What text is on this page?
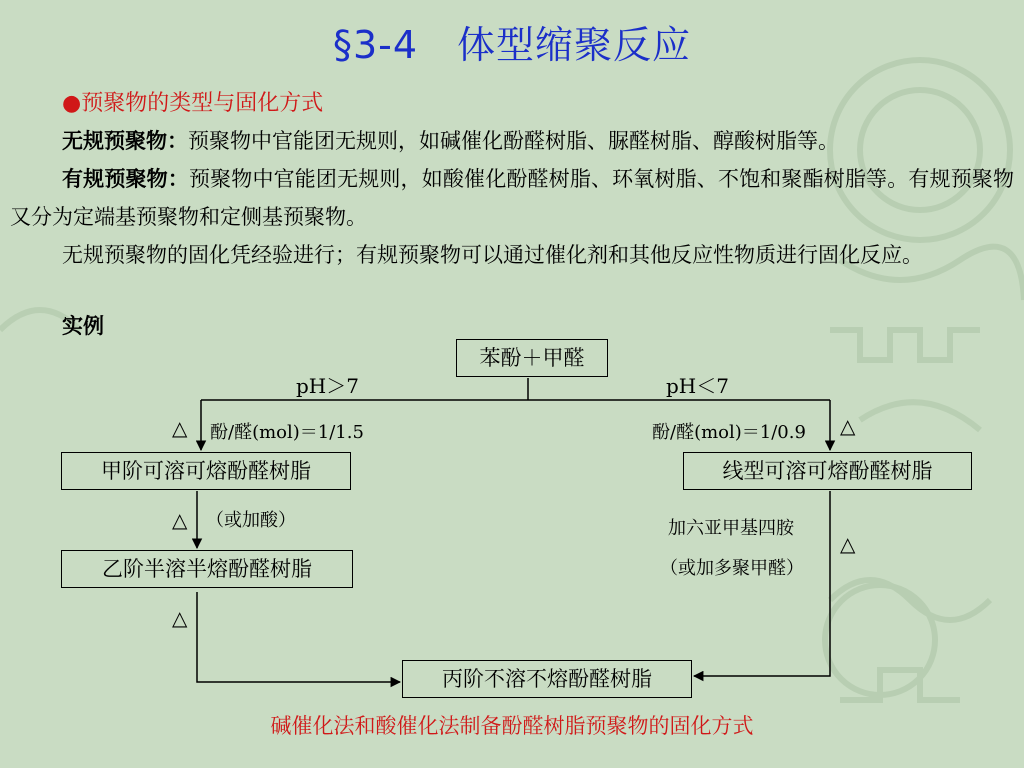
§3-4　体型缩聚反应
●预聚物的类型与固化方式
无规预聚物：预聚物中官能团无规则，如碱催化酚醛树脂、脲醛树脂、醇酸树脂等。
有规预聚物：预聚物中官能团无规则，如酸催化酚醛树脂、环氧树脂、不饱和聚酯树脂等。有规预聚物又分为定端基预聚物和定侧基预聚物。
无规预聚物的固化凭经验进行；有规预聚物可以通过催化剂和其他反应性物质进行固化反应。
实例
苯酚＋甲醛
pH＞7	pH＜7
△ 酚/醛(mol)＝1/1.5	酚/醛(mol)＝1/0.9 △
甲阶可溶可熔酚醛树脂	线型可溶可熔酚醛树脂
△ （或加酸）	加六亚甲基四胺
△
（或加多聚甲醛）
乙阶半溶半熔酚醛树脂
△
丙阶不溶不熔酚醛树脂
碱催化法和酸催化法制备酚醛树脂预聚物的固化方式
